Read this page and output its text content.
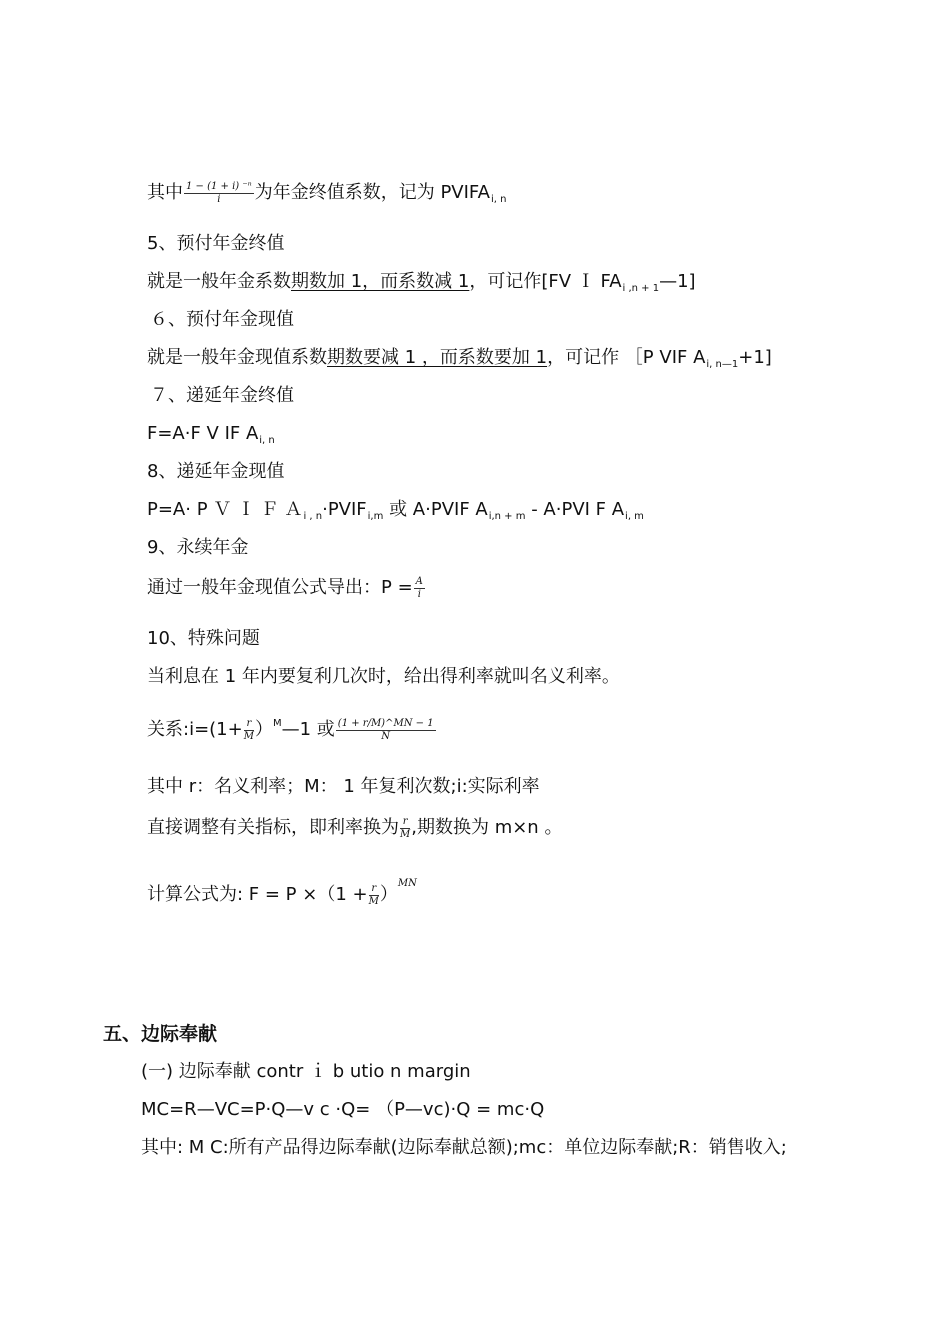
其中 $\frac{\text{1 − (1 + 𝑖) ⁻ⁿ}}{\text{𝑖}}$ 为年金终值系数，记为 $PVIFA_{i, n}$
5、预付年金终值
就是一般年金系数期数加 1，而系数减 1，可记作[FV Ｉ $FA_{i ,n + 1}—1$]
６、预付年金现值
就是一般年金现值系数期数要减 1 ，而系数要加 1，可记作 ［P VIF $A_{i, n—1}+1$]
７、递延年金终值
F=A·F V IF $A_{i, n}$
8、递延年金现值
P=A· P Ｖ Ｉ Ｆ $A_{i , n}\cdot PVIF_{i,m}$ 或 A·PVIF $A_{i,n + m} - A\cdot PVI$ F $A_{i, m}$
9、永续年金
通过一般年金现值公式导出：$P = \frac{A}{i}$
10、特殊问题
当利息在 1 年内要复利几次时，给出得利率就叫名义利率。
关系:i=(1+ $\frac{r}{M}$ ）$^M$—1 或 $\frac{(1 + r/M)\^{}MN - 1}{N}$
其中 r：名义利率；M： 1 年复利次数;i:实际利率
直接调整有关指标，即利率换为 $\frac{r}{M}$ ,期数换为 m×n 。
计算公式为: $F = P \times(1 + \frac{r}{M} )^{MN}$
五、边际奉献
(一) 边际奉献 contr ｉ b utio n margin
MC=R—VC=P·Q—v c ·Q= （P—vc)·Q = mc·Q
其中: M C:所有产品得边际奉献(边际奉献总额);mc：单位边际奉献;R：销售收入;
